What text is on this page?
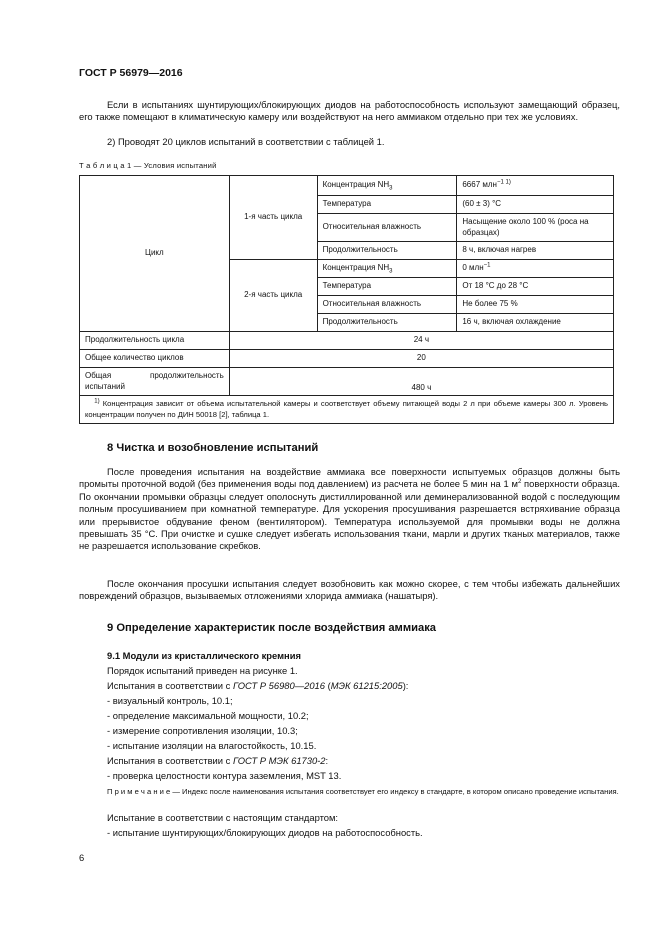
ГОСТ Р 56979—2016
Если в испытаниях шунтирующих/блокирующих диодов на работоспособность используют замещающий образец, его также помещают в климатическую камеру или воздействуют на него аммиаком отдельно при тех же условиях.
2) Проводят 20 циклов испытаний в соответствии с таблицей 1.
Т а б л и ц а 1 — Условия испытаний
Цикл	1-я часть цикла	Концентрация $NH_3$	6667 млн$^{-1 1)}$
		Температура	(60 ± 3) °C
		Относительная влажность	Насыщение около 100 % (роса на образцах)
		Продолжительность	8 ч, включая нагрев
	2-я часть цикла	Концентрация $NH_3$	0 млн$^{-1}$
		Температура	От 18 °C до 28 °C
		Относительная влажность	Не более 75 %
		Продолжительность	16 ч, включая охлаждение
Продолжительность цикла	24 ч		
Общее количество циклов	20		
Общая продолжительность испытаний	480 ч		
$^{1)}$ Концентрация зависит от объема испытательной камеры и соответствует объему питающей воды 2 л при объеме камеры 300 л. Уровень концентрации получен по ДИН 50018 [2], таблица 1.			
8 Чистка и возобновление испытаний
После проведения испытания на воздействие аммиака все поверхности испытуемых образцов должны быть промыты проточной водой (без применения воды под давлением) из расчета не более 5 мин на 1 $м^2$ поверхности образца. По окончании промывки образцы следует ополоснуть дистиллированной или деминерализованной водой с последующим полным просушиванием при комнатной температуре. Для ускорения просушивания разрешается встряхивание образца или прерывистое обдувание феном (вентилятором). Температура используемой для промывки воды не должна превышать 35 °C. При очистке и сушке следует избегать использования ткани, марли и других тканых материалов, также не разрешается использование скребков.
После окончания просушки испытания следует возобновить как можно скорее, с тем чтобы избежать дальнейших повреждений образцов, вызываемых отложениями хлорида аммиака (нашатыря).
9 Определение характеристик после воздействия аммиака
9.1 Модули из кристаллического кремния
Порядок испытаний приведен на рисунке 1.
Испытания в соответствии с ГОСТ Р 56980—2016 (МЭК 61215:2005):
- визуальный контроль, 10.1;
- определение максимальной мощности, 10.2;
- измерение сопротивления изоляции, 10.3;
- испытание изоляции на влагостойкость, 10.15.
Испытания в соответствии с ГОСТ Р МЭК 61730-2:
- проверка целостности контура заземления, MST 13.
П р и м е ч а н и е — Индекс после наименования испытания соответствует его индексу в стандарте, в котором описано проведение испытания.
Испытание в соответствии с настоящим стандартом:
- испытание шунтирующих/блокирующих диодов на работоспособность.
6
